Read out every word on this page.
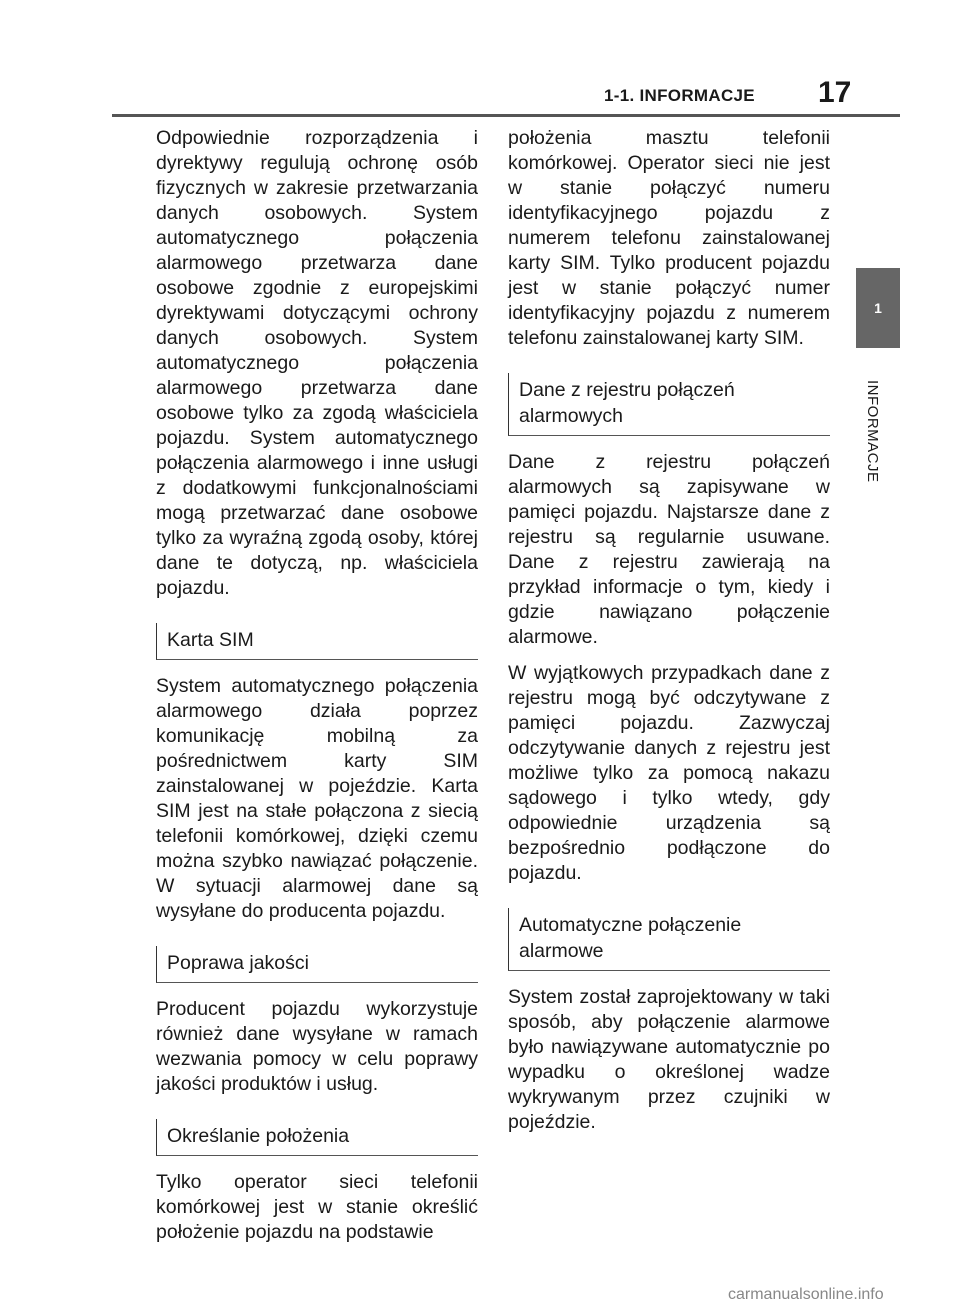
1-1. INFORMACJE 17
1
INFORMACJE

Odpowiednie rozporządzenia i dyrektywy regulują ochronę osób fizycznych w zakresie przetwarzania danych osobowych. System automatycznego połączenia alarmowego przetwarza dane osobowe zgodnie z europejskimi dyrektywami dotyczącymi ochrony danych osobowych. System automatycznego połączenia alarmowego przetwarza dane osobowe tylko za zgodą właściciela pojazdu. System automatycznego połączenia alarmowego i inne usługi z dodatkowymi funkcjonalnościami mogą przetwarzać dane osobowe tylko za wyraźną zgodą osoby, której dane te dotyczą, np. właściciela pojazdu.

Karta SIM

System automatycznego połączenia alarmowego działa poprzez komunikację mobilną za pośrednictwem karty SIM zainstalowanej w pojeździe. Karta SIM jest na stałe połączona z siecią telefonii komórkowej, dzięki czemu można szybko nawiązać połączenie. W sytuacji alarmowej dane są wysyłane do producenta pojazdu.

Poprawa jakości

Producent pojazdu wykorzystuje również dane wysyłane w ramach wezwania pomocy w celu poprawy jakości produktów i usług.

Określanie położenia

Tylko operator sieci telefonii komórkowej jest w stanie określić położenie pojazdu na podstawie

położenia masztu telefonii komórkowej. Operator sieci nie jest w stanie połączyć numeru identyfikacyjnego pojazdu z numerem telefonu zainstalowanej karty SIM. Tylko producent pojazdu jest w stanie połączyć numer identyfikacyjny pojazdu z numerem telefonu zainstalowanej karty SIM.

Dane z rejestru połączeń alarmowych

Dane z rejestru połączeń alarmowych są zapisywane w pamięci pojazdu. Najstarsze dane z rejestru są regularnie usuwane. Dane z rejestru zawierają na przykład informacje o tym, kiedy i gdzie nawiązano połączenie alarmowe.

W wyjątkowych przypadkach dane z rejestru mogą być odczytywane z pamięci pojazdu. Zazwyczaj odczytywanie danych z rejestru jest możliwe tylko za pomocą nakazu sądowego i tylko wtedy, gdy odpowiednie urządzenia są bezpośrednio podłączone do pojazdu.

Automatyczne połączenie alarmowe

System został zaprojektowany w taki sposób, aby połączenie alarmowe było nawiązywane automatycznie po wypadku o określonej wadze wykrywanym przez czujniki w pojeździe.

carmanualsonline.info
